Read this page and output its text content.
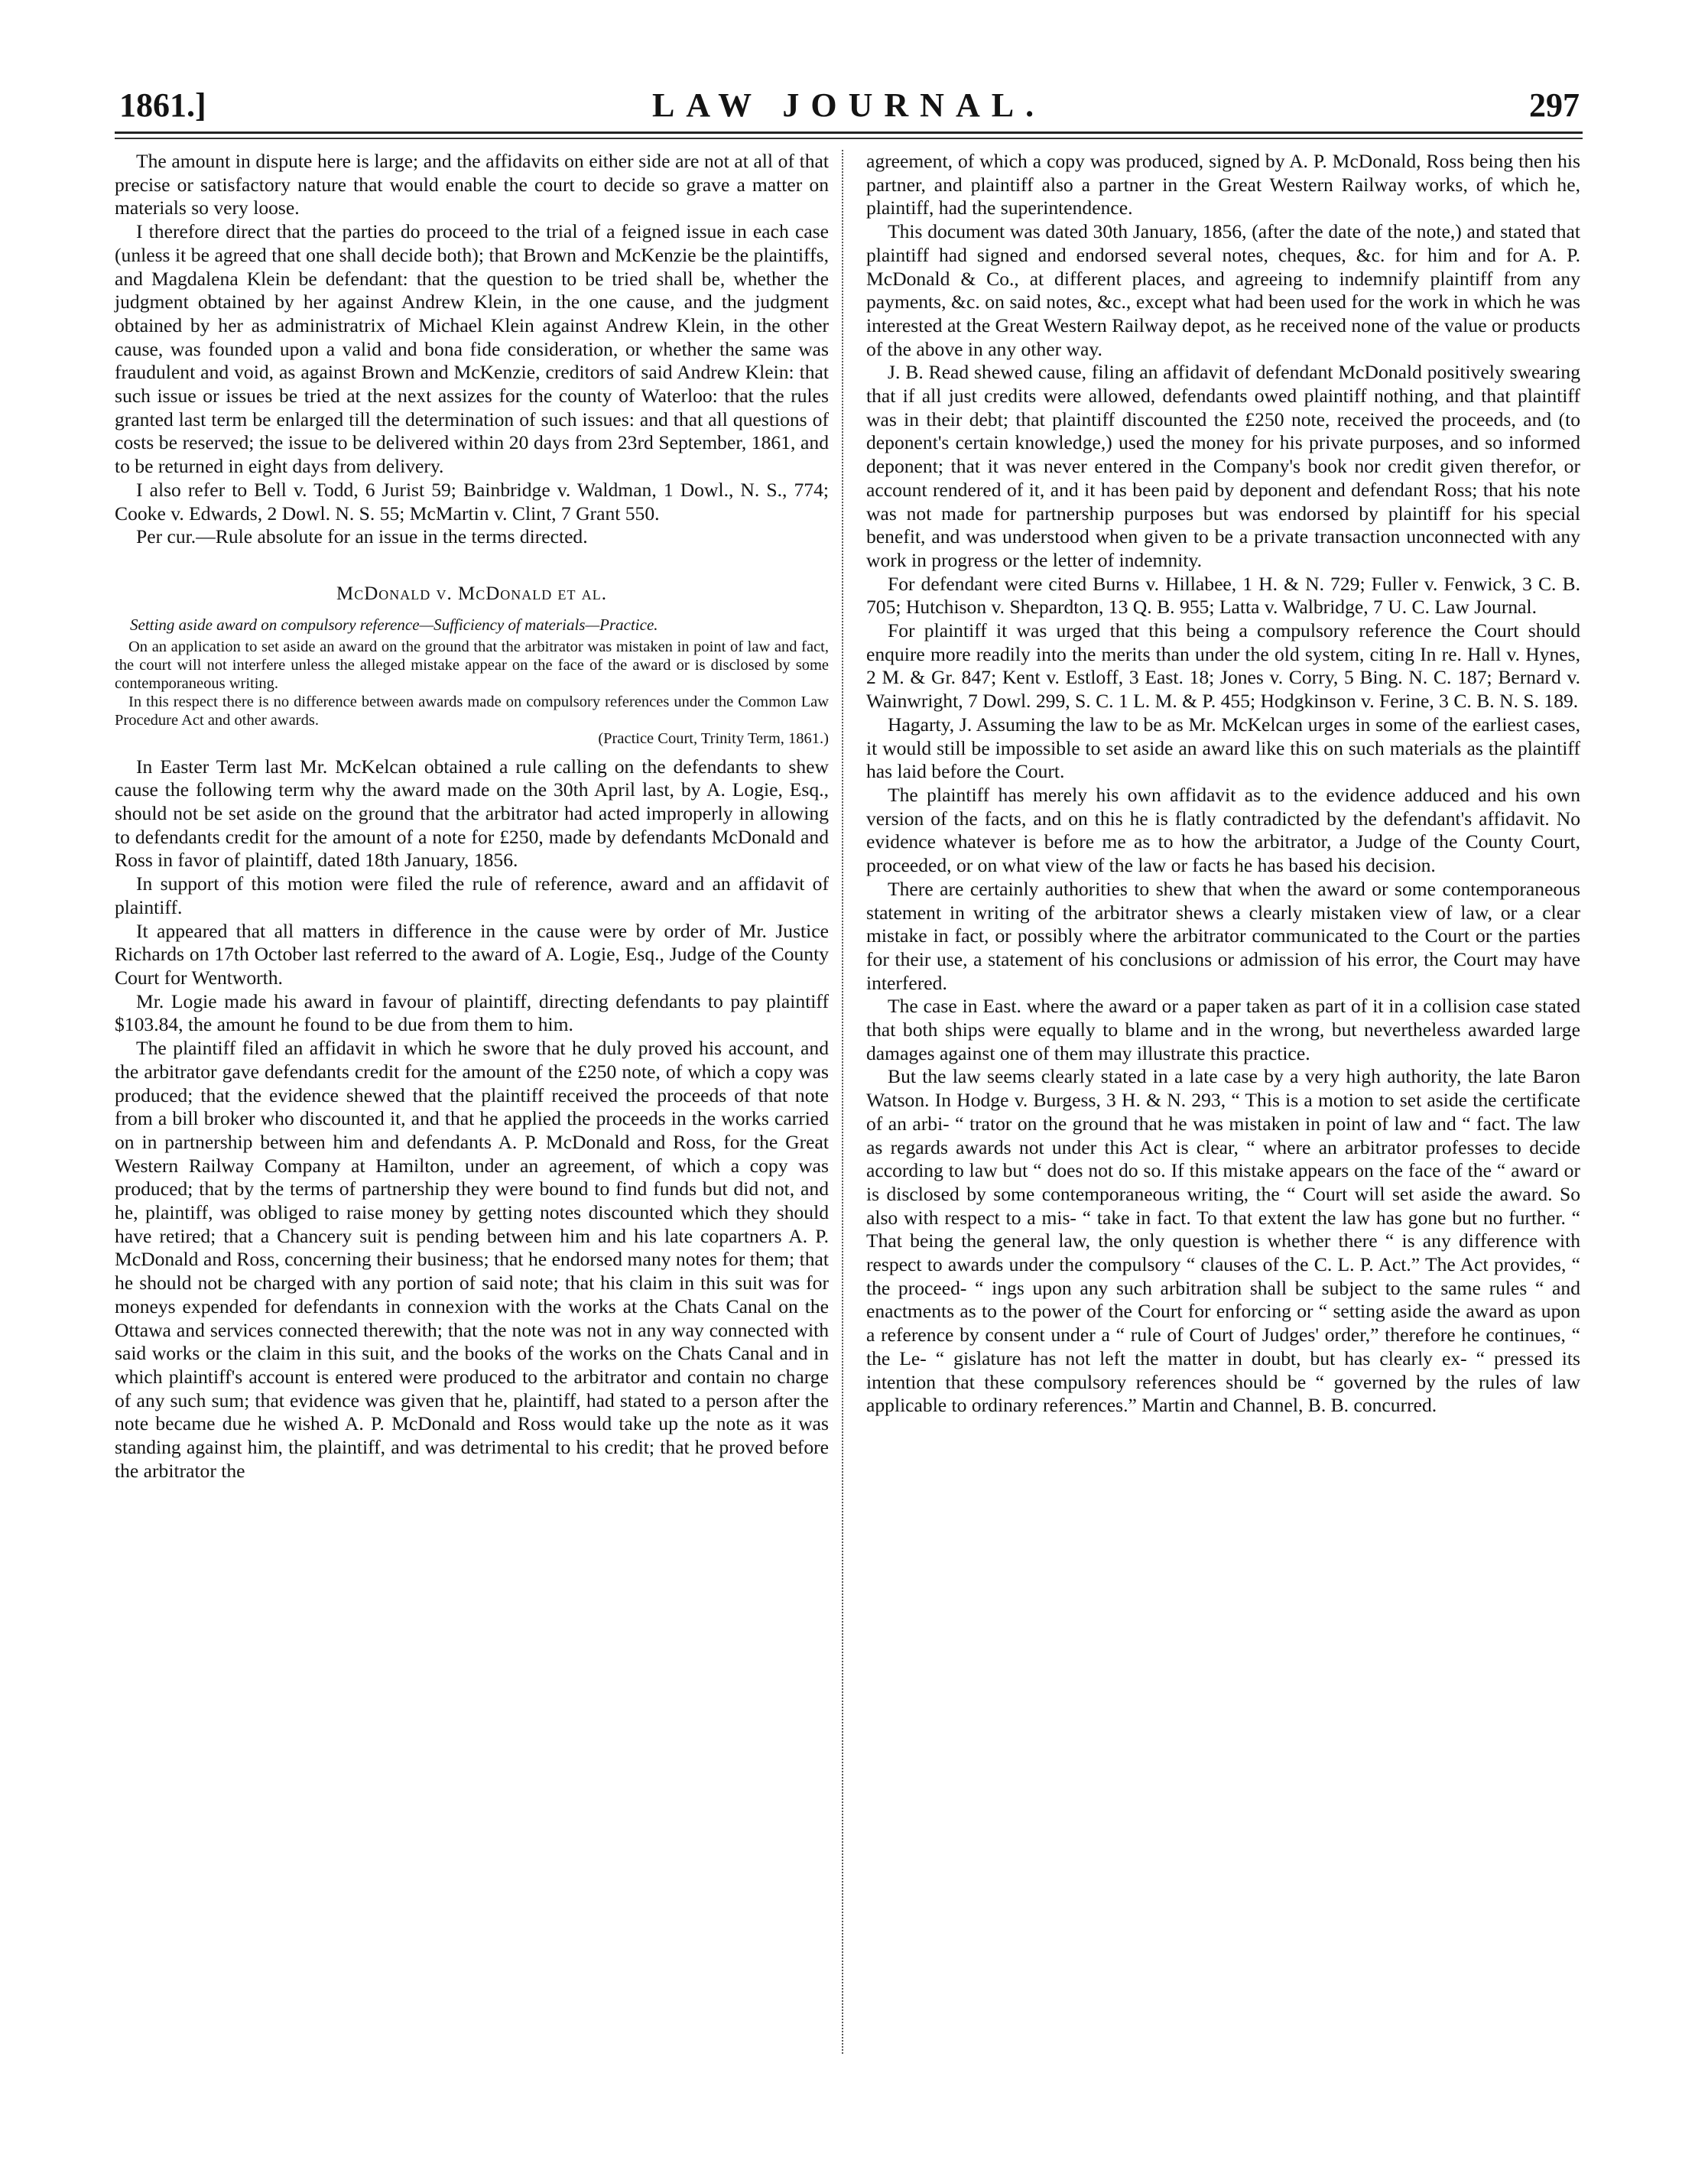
1861.]	LAW JOURNAL.	297

The amount in dispute here is large; and the affidavits on either side are not at all of that precise or satisfactory nature that would enable the court to decide so grave a matter on materials so very loose.

I therefore direct that the parties do proceed to the trial of a feigned issue in each case (unless it be agreed that one shall decide both); that Brown and McKenzie be the plaintiffs, and Magdalena Klein be defendant: that the question to be tried shall be, whether the judgment obtained by her against Andrew Klein, in the one cause, and the judgment obtained by her as administratrix of Michael Klein against Andrew Klein, in the other cause, was founded upon a valid and bona fide consideration, or whether the same was fraudulent and void, as against Brown and McKenzie, creditors of said Andrew Klein: that such issue or issues be tried at the next assizes for the county of Waterloo: that the rules granted last term be enlarged till the determination of such issues: and that all questions of costs be reserved; the issue to be delivered within 20 days from 23rd September, 1861, and to be returned in eight days from delivery.

I also refer to Bell v. Todd, 6 Jurist 59; Bainbridge v. Waldman, 1 Dowl., N. S., 774; Cooke v. Edwards, 2 Dowl. N. S. 55; McMartin v. Clint, 7 Grant 550.

Per cur.—Rule absolute for an issue in the terms directed.

McDonald v. McDonald et al.

Setting aside award on compulsory reference—Sufficiency of materials—Practice.

On an application to set aside an award on the ground that the arbitrator was mistaken in point of law and fact, the court will not interfere unless the alleged mistake appear on the face of the award or is disclosed by some contemporaneous writing.

In this respect there is no difference between awards made on compulsory references under the Common Law Procedure Act and other awards.

(Practice Court, Trinity Term, 1861.)

In Easter Term last Mr. McKelcan obtained a rule calling on the defendants to shew cause the following term why the award made on the 30th April last, by A. Logie, Esq., should not be set aside on the ground that the arbitrator had acted improperly in allowing to defendants credit for the amount of a note for £250, made by defendants McDonald and Ross in favor of plaintiff, dated 18th January, 1856.

In support of this motion were filed the rule of reference, award and an affidavit of plaintiff.

It appeared that all matters in difference in the cause were by order of Mr. Justice Richards on 17th October last referred to the award of A. Logie, Esq., Judge of the County Court for Wentworth.

Mr. Logie made his award in favour of plaintiff, directing defendants to pay plaintiff $103.84, the amount he found to be due from them to him.

The plaintiff filed an affidavit in which he swore that he duly proved his account, and the arbitrator gave defendants credit for the amount of the £250 note, of which a copy was produced; that the evidence shewed that the plaintiff received the proceeds of that note from a bill broker who discounted it, and that he applied the proceeds in the works carried on in partnership between him and defendants A. P. McDonald and Ross, for the Great Western Railway Company at Hamilton, under an agreement, of which a copy was produced; that by the terms of partnership they were bound to find funds but did not, and he, plaintiff, was obliged to raise money by getting notes discounted which they should have retired; that a Chancery suit is pending between him and his late copartners A. P. McDonald and Ross, concerning their business; that he endorsed many notes for them; that he should not be charged with any portion of said note; that his claim in this suit was for moneys expended for defendants in connexion with the works at the Chats Canal on the Ottawa and services connected therewith; that the note was not in any way connected with said works or the claim in this suit, and the books of the works on the Chats Canal and in which plaintiff's account is entered were produced to the arbitrator and contain no charge of any such sum; that evidence was given that he, plaintiff, had stated to a person after the note became due he wished A. P. McDonald and Ross would take up the note as it was standing against him, the plaintiff, and was detrimental to his credit; that he proved before the arbitrator the

agreement, of which a copy was produced, signed by A. P. McDonald, Ross being then his partner, and plaintiff also a partner in the Great Western Railway works, of which he, plaintiff, had the superintendence.

This document was dated 30th January, 1856, (after the date of the note,) and stated that plaintiff had signed and endorsed several notes, cheques, &c. for him and for A. P. McDonald & Co., at different places, and agreeing to indemnify plaintiff from any payments, &c. on said notes, &c., except what had been used for the work in which he was interested at the Great Western Railway depot, as he received none of the value or products of the above in any other way.

J. B. Read shewed cause, filing an affidavit of defendant McDonald positively swearing that if all just credits were allowed, defendants owed plaintiff nothing, and that plaintiff was in their debt; that plaintiff discounted the £250 note, received the proceeds, and (to deponent's certain knowledge,) used the money for his private purposes, and so informed deponent; that it was never entered in the Company's book nor credit given therefor, or account rendered of it, and it has been paid by deponent and defendant Ross; that his note was not made for partnership purposes but was endorsed by plaintiff for his special benefit, and was understood when given to be a private transaction unconnected with any work in progress or the letter of indemnity.

For defendant were cited Burns v. Hillabee, 1 H. & N. 729; Fuller v. Fenwick, 3 C. B. 705; Hutchison v. Shepardton, 13 Q. B. 955; Latta v. Walbridge, 7 U. C. Law Journal.

For plaintiff it was urged that this being a compulsory reference the Court should enquire more readily into the merits than under the old system, citing In re. Hall v. Hynes, 2 M. & Gr. 847; Kent v. Estloff, 3 East. 18; Jones v. Corry, 5 Bing. N. C. 187; Bernard v. Wainwright, 7 Dowl. 299, S. C. 1 L. M. & P. 455; Hodgkinson v. Ferine, 3 C. B. N. S. 189.

Hagarty, J. Assuming the law to be as Mr. McKelcan urges in some of the earliest cases, it would still be impossible to set aside an award like this on such materials as the plaintiff has laid before the Court.

The plaintiff has merely his own affidavit as to the evidence adduced and his own version of the facts, and on this he is flatly contradicted by the defendant's affidavit. No evidence whatever is before me as to how the arbitrator, a Judge of the County Court, proceeded, or on what view of the law or facts he has based his decision.

There are certainly authorities to shew that when the award or some contemporaneous statement in writing of the arbitrator shews a clearly mistaken view of law, or a clear mistake in fact, or possibly where the arbitrator communicated to the Court or the parties for their use, a statement of his conclusions or admission of his error, the Court may have interfered.

The case in East. where the award or a paper taken as part of it in a collision case stated that both ships were equally to blame and in the wrong, but nevertheless awarded large damages against one of them may illustrate this practice.

But the law seems clearly stated in a late case by a very high authority, the late Baron Watson. In Hodge v. Burgess, 3 H. & N. 293, “ This is a motion to set aside the certificate of an arbi- “ trator on the ground that he was mistaken in point of law and “ fact. The law as regards awards not under this Act is clear, “ where an arbitrator professes to decide according to law but “ does not do so. If this mistake appears on the face of the “ award or is disclosed by some contemporaneous writing, the “ Court will set aside the award. So also with respect to a mis- “ take in fact. To that extent the law has gone but no further. “ That being the general law, the only question is whether there “ is any difference with respect to awards under the compulsory “ clauses of the C. L. P. Act.” The Act provides, “ the proceed- “ ings upon any such arbitration shall be subject to the same rules “ and enactments as to the power of the Court for enforcing or “ setting aside the award as upon a reference by consent under a “ rule of Court of Judges' order,” therefore he continues, “ the Le- “ gislature has not left the matter in doubt, but has clearly ex- “ pressed its intention that these compulsory references should be “ governed by the rules of law applicable to ordinary references.” Martin and Channel, B. B. concurred.
